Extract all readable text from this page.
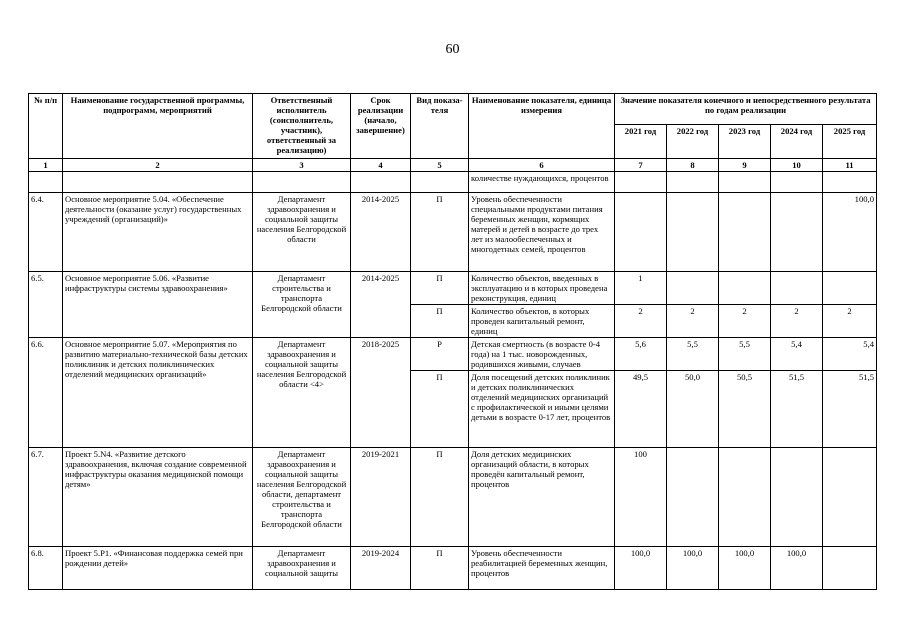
60
№ п/п	Наименование государственной программы, подпрограмм, мероприятий	Ответственный исполнитель (соисполнитель, участник), ответственный за реализацию)	Срок реализации (начало, завершение)	Вид показа-теля	Наименование показателя, единица измерения	Значение показателя конечного и непосредственного результата по годам реализации				
						2021 год	2022 год	2023 год	2024 год	2025 год
1	2	3	4	5	6	7	8	9	10	11
					количестве нуждающихся, процентов					
6.4.	Основное мероприятие 5.04. «Обеспечение деятельности (оказание услуг) государственных учреждений (организаций)»	Департамент здравоохранения и социальной защиты населения Белгородской области	2014-2025	П	Уровень обеспеченности специальными продуктами питания беременных женщин, кормящих матерей и детей в возрасте до трех лет из малообеспеченных и многодетных семей, процентов					100,0
6.5.	Основное мероприятие 5.06. «Развитие инфраструктуры системы здравоохранения»	Департамент строительства и транспорта Белгородской области	2014-2025	П	Количество объектов, введенных в эксплуатацию и в которых проведена реконструкция, единиц	1				
				П	Количество объектов, в которых проведен капитальный ремонт, единиц	2	2	2	2	2
6.6.	Основное мероприятие 5.07. «Мероприятия по развитию материально-технической базы детских поликлиник и детских поликлинических отделений медицинских организаций»	Департамент здравоохранения и социальной защиты населения Белгородской области <4>	2018-2025	Р	Детская смертность (в возрасте 0-4 года) на 1 тыс. новорожденных, родившихся живыми, случаев	5,6	5,5	5,5	5,4	5,4
				П	Доля посещений детских поликлиник и детских поликлинических отделений медицинских организаций с профилактической и иными целями детьми в возрасте 0-17 лет, процентов	49,5	50,0	50,5	51,5	51,5
6.7.	Проект 5.N4. «Развитие детского здравоохранения, включая создание современной инфраструктуры оказания медицинской помощи детям»	Департамент здравоохранения и социальной защиты населения Белгородской области, департамент строительства и транспорта Белгородской области	2019-2021	П	Доля детских медицинских организаций области, в которых проведён капитальный ремонт, процентов	100				
6.8.	Проект 5.Р1. «Финансовая поддержка семей при рождении детей»	Департамент здравоохранения и социальной защиты	2019-2024	П	Уровень обеспеченности реабилитацией беременных женщин, процентов	100,0	100,0	100,0	100,0	
